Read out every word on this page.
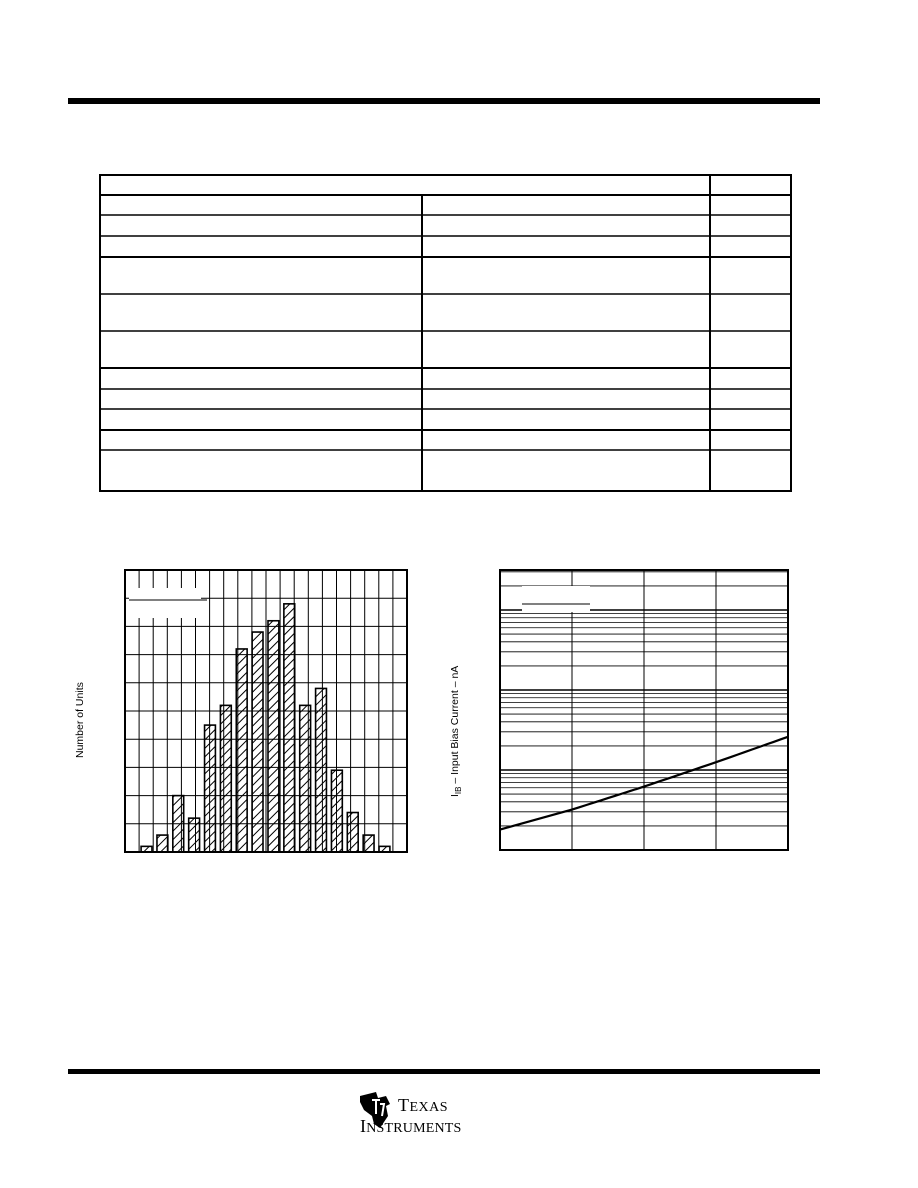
Number of Units
$I_{IB}$ – Input Bias Current – nA
TEXAS
INSTRUMENTS
